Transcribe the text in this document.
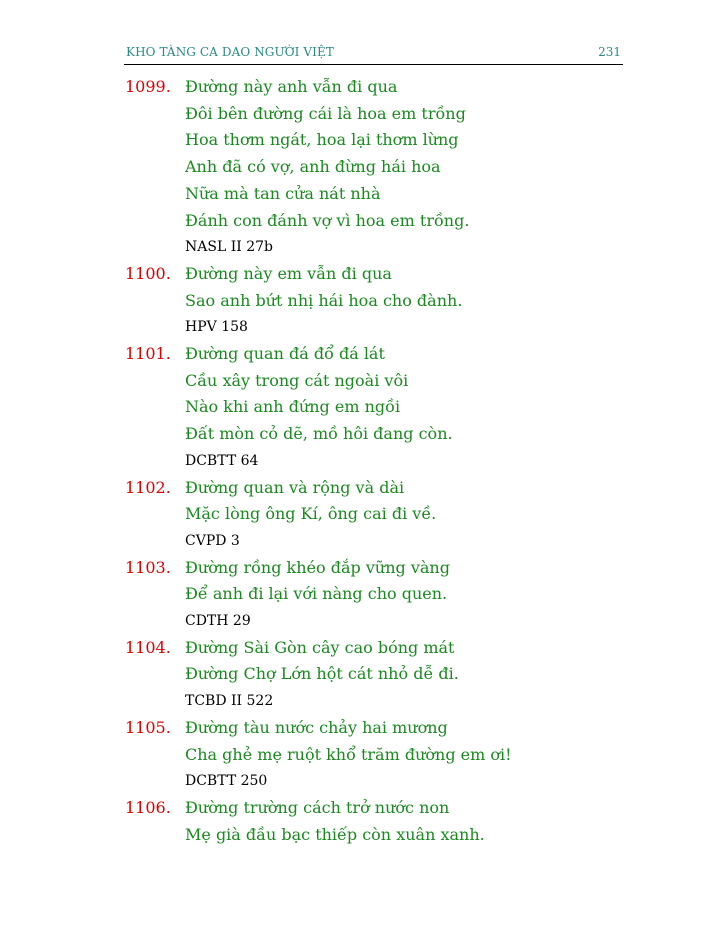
KHO TÀNG CA DAO NGƯỜI VIỆT	231
1099. Đường này anh vẫn đi qua
Đôi bên đường cái là hoa em trồng
Hoa thơm ngát, hoa lại thơm lừng
Anh đã có vợ, anh đừng hái hoa
Nữa mà tan cửa nát nhà
Đánh con đánh vợ vì hoa em trồng.
NASL II 27b
1100. Đường này em vẫn đi qua
Sao anh bứt nhị hái hoa cho đành.
HPV 158
1101. Đường quan đá đổ đá lát
Cầu xây trong cát ngoài vôi
Nào khi anh đứng em ngồi
Đất mòn cỏ dẽ, mồ hôi đang còn.
DCBTT 64
1102. Đường quan và rộng và dài
Mặc lòng ông Kí, ông cai đi về.
CVPD 3
1103. Đường rồng khéo đắp vững vàng
Để anh đi lại với nàng cho quen.
CDTH 29
1104. Đường Sài Gòn cây cao bóng mát
Đường Chợ Lớn hột cát nhỏ dễ đi.
TCBD II 522
1105. Đường tàu nước chảy hai mương
Cha ghẻ mẹ ruột khổ trăm đường em ơi!
DCBTT 250
1106. Đường trường cách trở nước non
Mẹ già đầu bạc thiếp còn xuân xanh.
